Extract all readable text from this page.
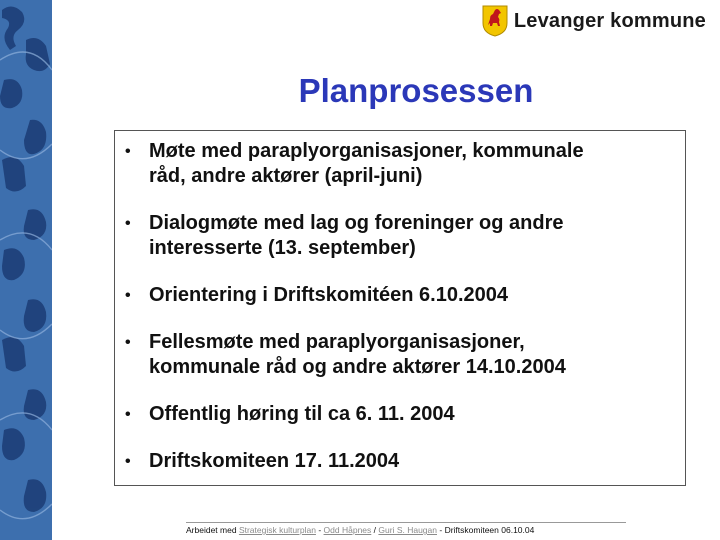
Levanger kommune
Planprosessen
• Møte med paraplyorganisasjoner, kommunale
råd, andre aktører (april-juni)
• Dialogmøte med lag og foreninger og andre
interesserte (13. september)
• Orientering i Driftskomitéen 6.10.2004
• Fellesmøte med paraplyorganisasjoner,
kommunale råd og andre aktører 14.10.2004
• Offentlig høring til ca 6. 11. 2004
• Driftskomiteen 17. 11.2004
Arbeidet med Strategisk kulturplan - Odd Håpnes / Guri S. Haugan - Driftskomiteen 06.10.04
